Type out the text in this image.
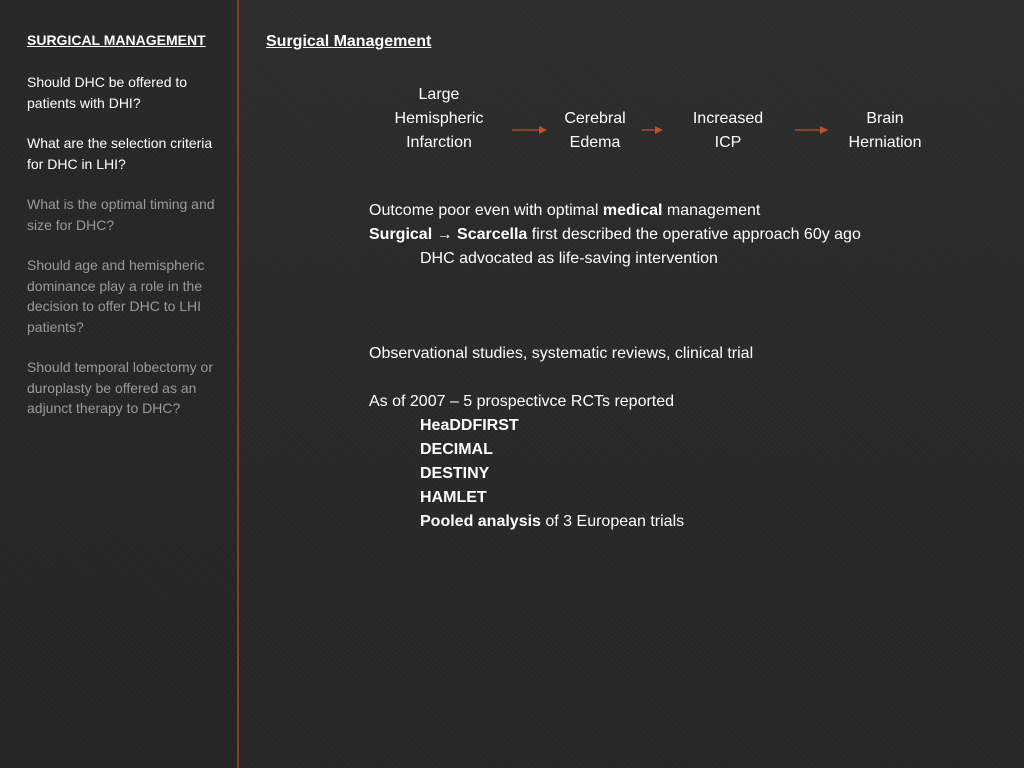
SURGICAL MANAGEMENT
Should DHC be offered to patients with DHI?
What are the selection criteria for DHC in LHI?
What is the optimal timing and size for DHC?
Should age and hemispheric dominance play a role in the decision to offer DHC to LHI patients?
Should temporal lobectomy or duroplasty be offered as an adjunct therapy to DHC?
Surgical Management
Large
Hemispheric
Infarction
Cerebral
Edema
Increased
ICP
Brain
Herniation
Outcome poor even with optimal medical management
Surgical → Scarcella first described the operative approach 60y ago
DHC advocated as life-saving intervention
Observational studies, systematic reviews, clinical trial
As of 2007 – 5 prospectivce RCTs reported
HeaDDFIRST
DECIMAL
DESTINY
HAMLET
Pooled analysis of 3 European trials
